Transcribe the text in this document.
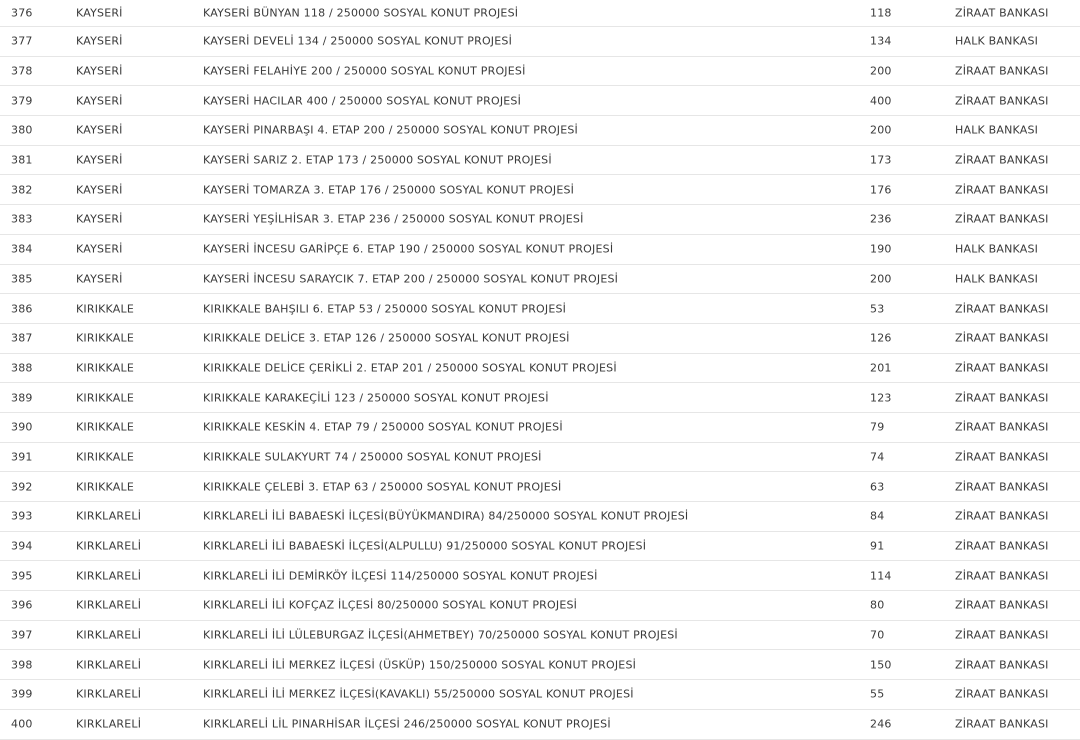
376	KAYSERİ	KAYSERİ BÜNYAN 118 / 250000 SOSYAL KONUT PROJESİ	118	ZİRAAT BANKASI
377	KAYSERİ	KAYSERİ DEVELİ 134 / 250000 SOSYAL KONUT PROJESİ	134	HALK BANKASI
378	KAYSERİ	KAYSERİ FELAHİYE 200 / 250000 SOSYAL KONUT PROJESİ	200	ZİRAAT BANKASI
379	KAYSERİ	KAYSERİ HACILAR 400 / 250000 SOSYAL KONUT PROJESİ	400	ZİRAAT BANKASI
380	KAYSERİ	KAYSERİ PINARBAŞI 4. ETAP 200 / 250000 SOSYAL KONUT PROJESİ	200	HALK BANKASI
381	KAYSERİ	KAYSERİ SARIZ 2. ETAP 173 / 250000 SOSYAL KONUT PROJESİ	173	ZİRAAT BANKASI
382	KAYSERİ	KAYSERİ TOMARZA 3. ETAP 176 / 250000 SOSYAL KONUT PROJESİ	176	ZİRAAT BANKASI
383	KAYSERİ	KAYSERİ YEŞİLHİSAR 3. ETAP 236 / 250000 SOSYAL KONUT PROJESİ	236	ZİRAAT BANKASI
384	KAYSERİ	KAYSERİ İNCESU GARİPÇE 6. ETAP 190 / 250000 SOSYAL KONUT PROJESİ	190	HALK BANKASI
385	KAYSERİ	KAYSERİ İNCESU SARAYCIK 7. ETAP 200 / 250000 SOSYAL KONUT PROJESİ	200	HALK BANKASI
386	KIRIKKALE	KIRIKKALE BAHŞILI 6. ETAP 53 / 250000 SOSYAL KONUT PROJESİ	53	ZİRAAT BANKASI
387	KIRIKKALE	KIRIKKALE DELİCE 3. ETAP 126 / 250000 SOSYAL KONUT PROJESİ	126	ZİRAAT BANKASI
388	KIRIKKALE	KIRIKKALE DELİCE ÇERİKLİ 2. ETAP 201 / 250000 SOSYAL KONUT PROJESİ	201	ZİRAAT BANKASI
389	KIRIKKALE	KIRIKKALE KARAKEÇİLİ 123 / 250000 SOSYAL KONUT PROJESİ	123	ZİRAAT BANKASI
390	KIRIKKALE	KIRIKKALE KESKİN 4. ETAP 79 / 250000 SOSYAL KONUT PROJESİ	79	ZİRAAT BANKASI
391	KIRIKKALE	KIRIKKALE SULAKYURT 74 / 250000 SOSYAL KONUT PROJESİ	74	ZİRAAT BANKASI
392	KIRIKKALE	KIRIKKALE ÇELEBİ 3. ETAP 63 / 250000 SOSYAL KONUT PROJESİ	63	ZİRAAT BANKASI
393	KIRKLARELİ	KIRKLARELİ İLİ BABAESKİ İLÇESİ(BÜYÜKMANDIRA) 84/250000 SOSYAL KONUT PROJESİ	84	ZİRAAT BANKASI
394	KIRKLARELİ	KIRKLARELİ İLİ BABAESKİ İLÇESİ(ALPULLU) 91/250000 SOSYAL KONUT PROJESİ	91	ZİRAAT BANKASI
395	KIRKLARELİ	KIRKLARELİ İLİ DEMİRKÖY İLÇESİ 114/250000 SOSYAL KONUT PROJESİ	114	ZİRAAT BANKASI
396	KIRKLARELİ	KIRKLARELİ İLİ KOFÇAZ İLÇESİ 80/250000 SOSYAL KONUT PROJESİ	80	ZİRAAT BANKASI
397	KIRKLARELİ	KIRKLARELİ İLİ LÜLEBURGAZ İLÇESİ(AHMETBEY) 70/250000 SOSYAL KONUT PROJESİ	70	ZİRAAT BANKASI
398	KIRKLARELİ	KIRKLARELİ İLİ MERKEZ İLÇESİ (ÜSKÜP) 150/250000 SOSYAL KONUT PROJESİ	150	ZİRAAT BANKASI
399	KIRKLARELİ	KIRKLARELİ İLİ MERKEZ İLÇESİ(KAVAKLI) 55/250000 SOSYAL KONUT PROJESİ	55	ZİRAAT BANKASI
400	KIRKLARELİ	KIRKLARELİ LİL PINARHİSAR İLÇESİ 246/250000 SOSYAL KONUT PROJESİ	246	ZİRAAT BANKASI
